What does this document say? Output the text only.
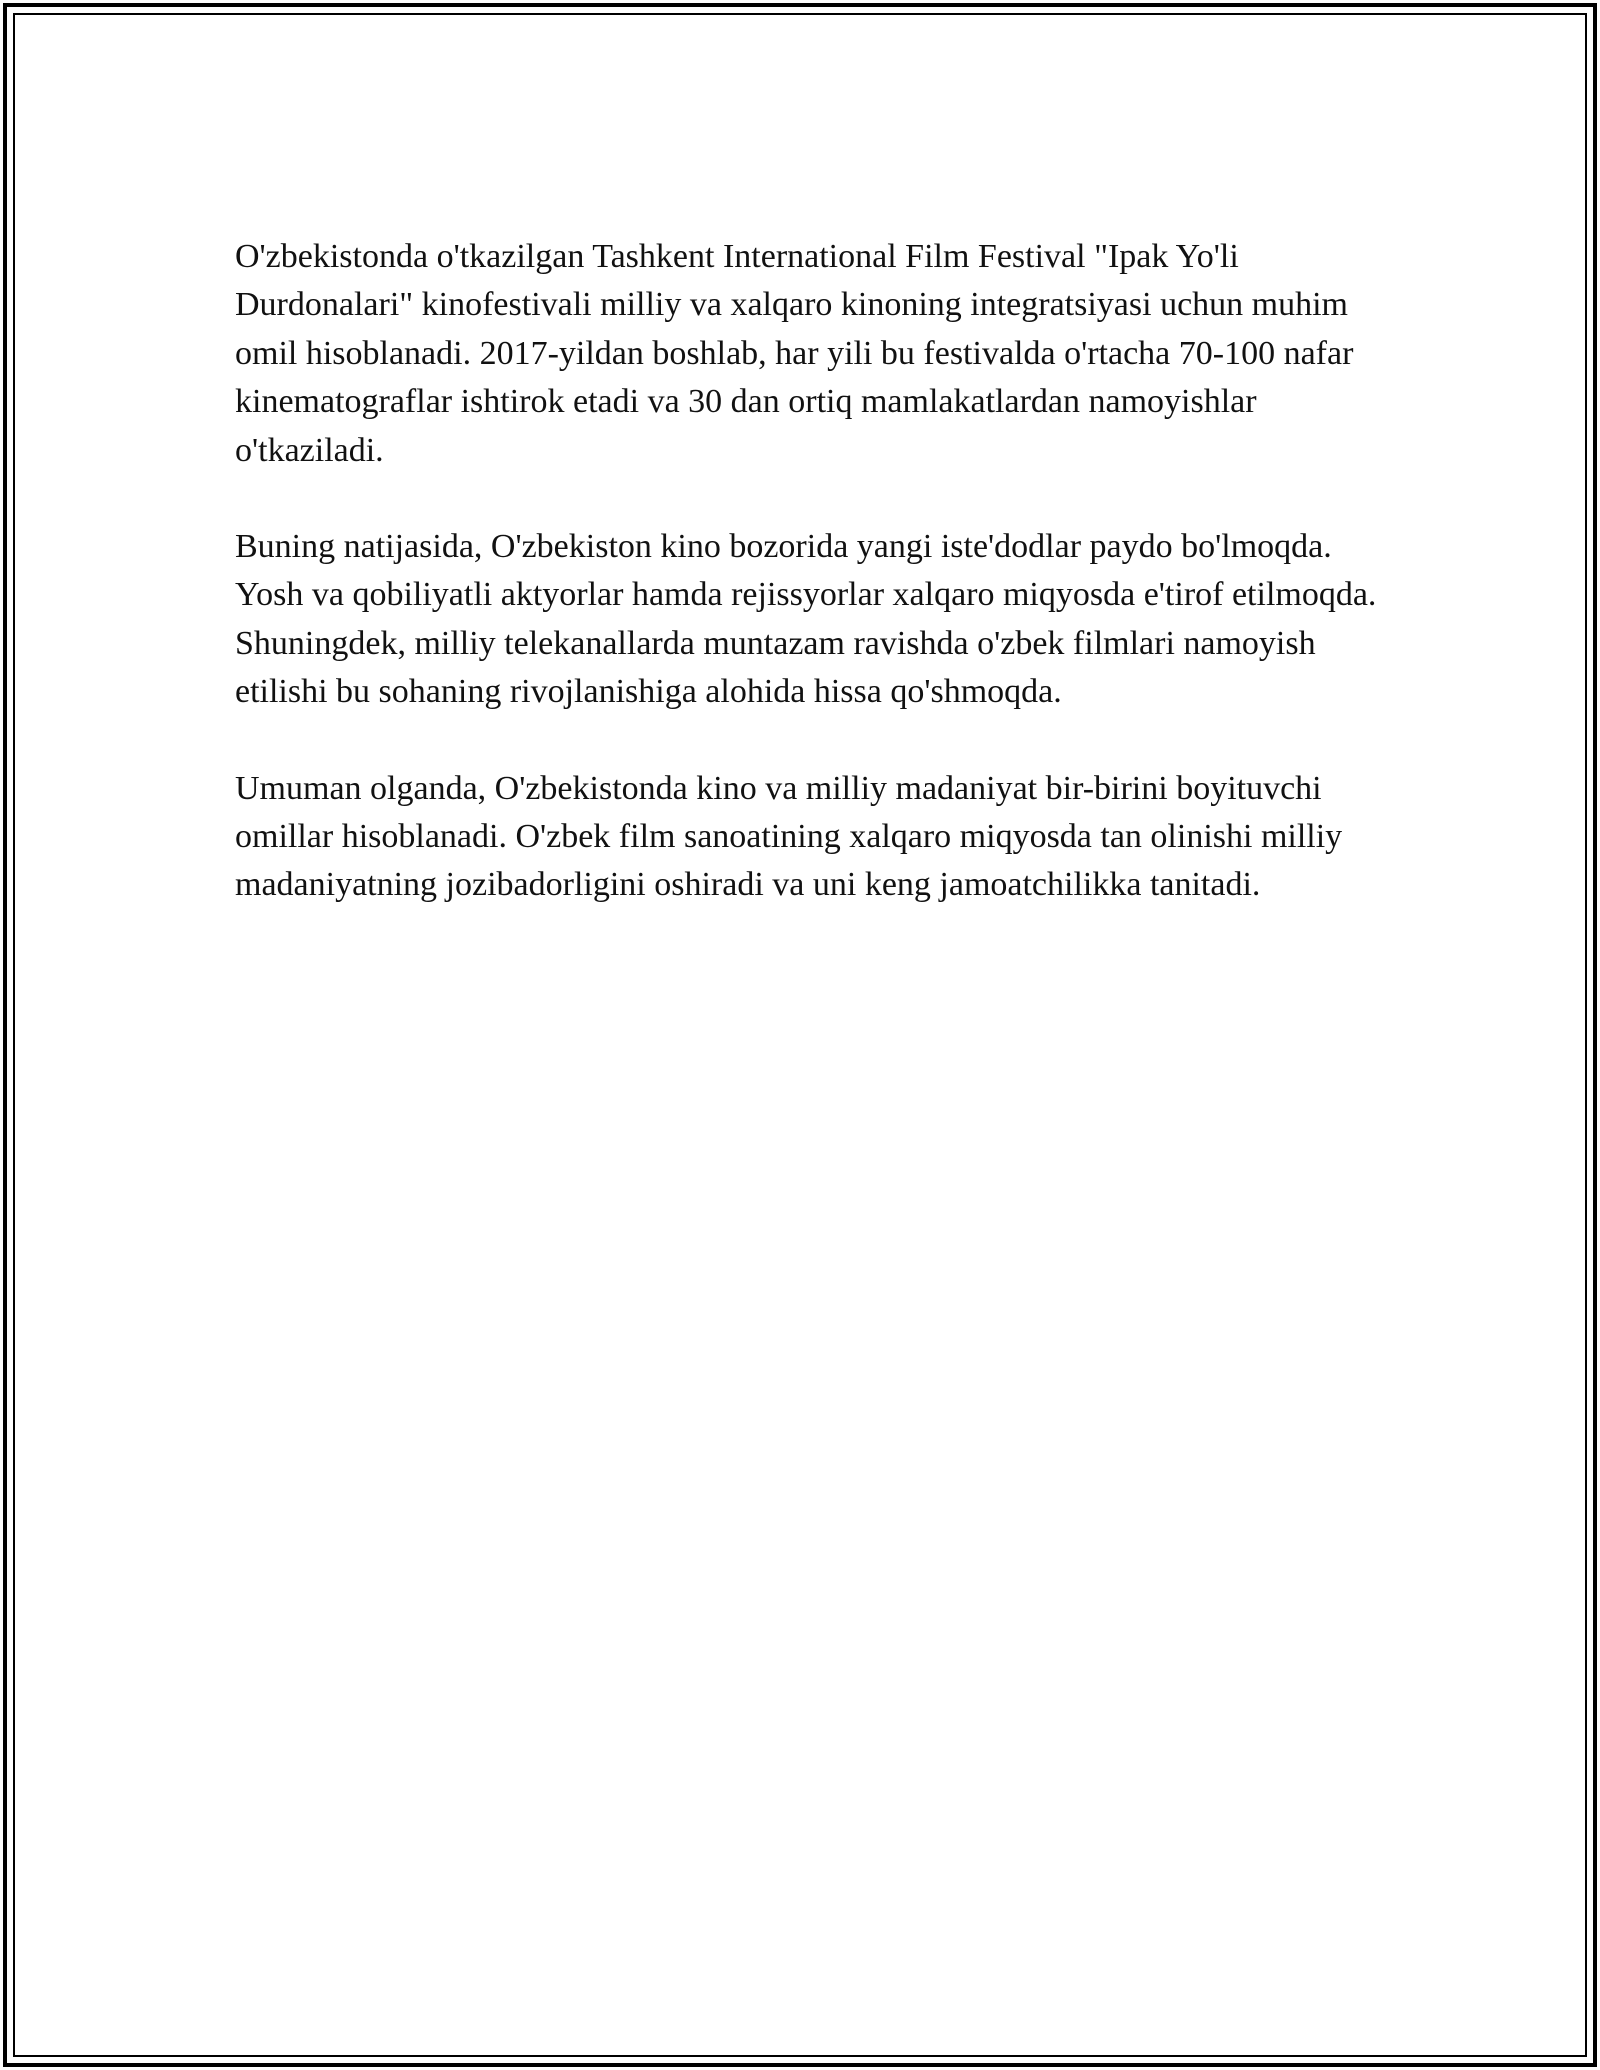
O'zbekistonda o'tkazilgan Tashkent International Film Festival "Ipak Yo'li Durdonalari" kinofestivali milliy va xalqaro kinoning integratsiyasi uchun muhim omil hisoblanadi. 2017-yildan boshlab, har yili bu festivalda o'rtacha 70-100 nafar kinematograflar ishtirok etadi va 30 dan ortiq mamlakatlardan namoyishlar o'tkaziladi.

Buning natijasida, O'zbekiston kino bozorida yangi iste'dodlar paydo bo'lmoqda. Yosh va qobiliyatli aktyorlar hamda rejissyorlar xalqaro miqyosda e'tirof etilmoqda. Shuningdek, milliy telekanallarda muntazam ravishda o'zbek filmlari namoyish etilishi bu sohaning rivojlanishiga alohida hissa qo'shmoqda.

Umuman olganda, O'zbekistonda kino va milliy madaniyat bir-birini boyituvchi omillar hisoblanadi. O'zbek film sanoatining xalqaro miqyosda tan olinishi milliy madaniyatning jozibadorligini oshiradi va uni keng jamoatchilikka tanitadi.
